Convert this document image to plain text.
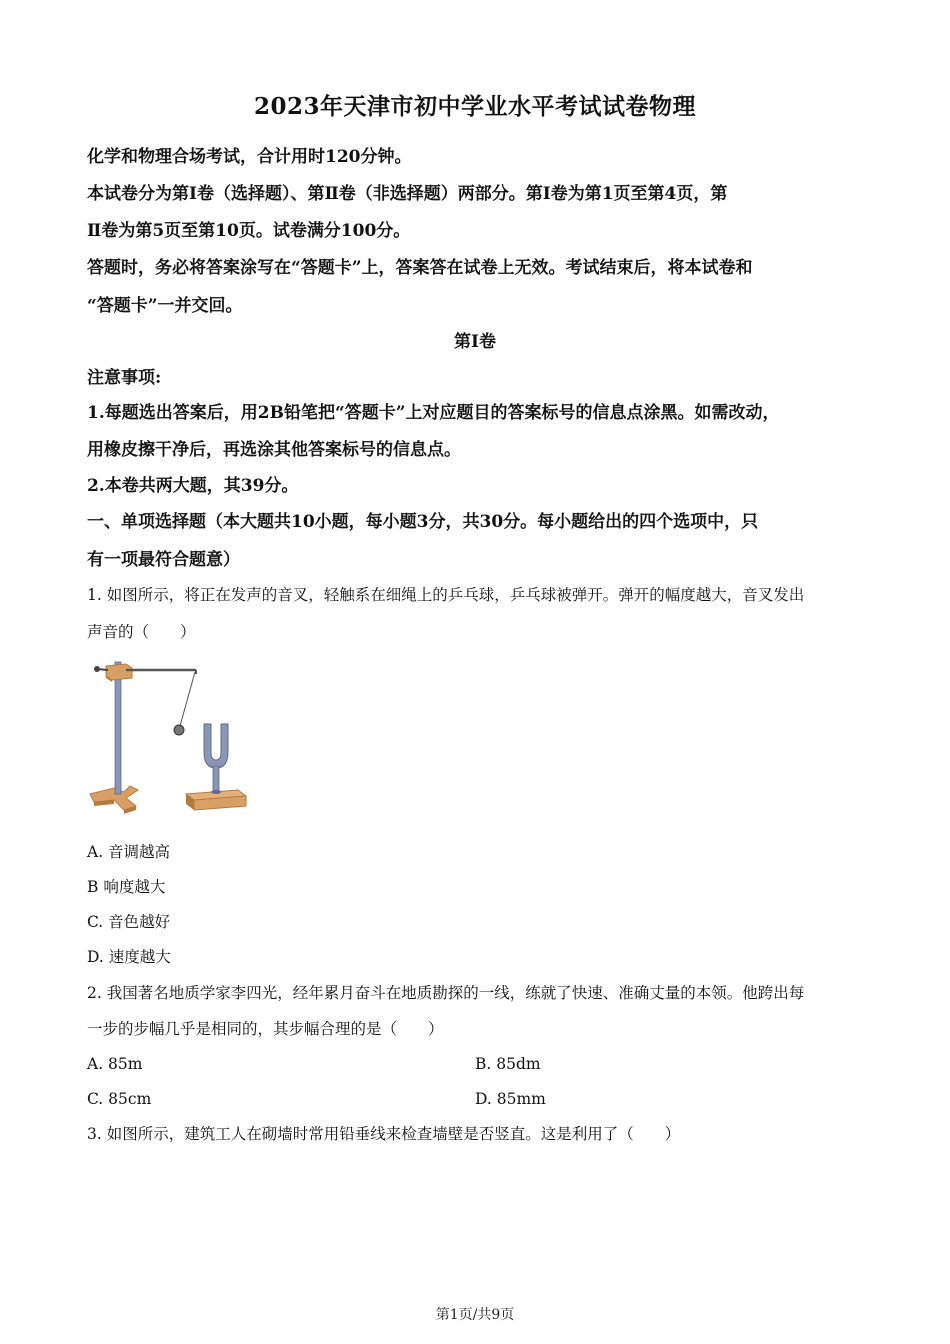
2023年天津市初中学业水平考试试卷物理
化学和物理合场考试，合计用时120分钟。
本试卷分为第Ⅰ卷（选择题）、第Ⅱ卷（非选择题）两部分。第Ⅰ卷为第1页至第4页，第
Ⅱ卷为第5页至第10页。试卷满分100分。
答题时，务必将答案涂写在“答题卡”上，答案答在试卷上无效。考试结束后，将本试卷和
“答题卡”一并交回。
第Ⅰ卷
注意事项:
1.每题选出答案后，用2B铅笔把“答题卡”上对应题目的答案标号的信息点涂黑。如需改动，
用橡皮擦干净后，再选涂其他答案标号的信息点。
2.本卷共两大题，其39分。
一、单项选择题（本大题共10小题，每小题3分，共30分。每小题给出的四个选项中，只
有一项最符合题意）
1. 如图所示，将正在发声的音叉，轻触系在细绳上的乒乓球，乒乓球被弹开。弹开的幅度越大，音叉发出
声音的（　　）
A. 音调越高
B 响度越大
C. 音色越好
D. 速度越大
2. 我国著名地质学家李四光，经年累月奋斗在地质勘探的一线，练就了快速、准确丈量的本领。他跨出每
一步的步幅几乎是相同的，其步幅合理的是（　　）
A. 85m	B. 85dm
C. 85cm	D. 85mm
3. 如图所示，建筑工人在砌墙时常用铅垂线来检查墙壁是否竖直。这是利用了（　　）
第1页/共9页
